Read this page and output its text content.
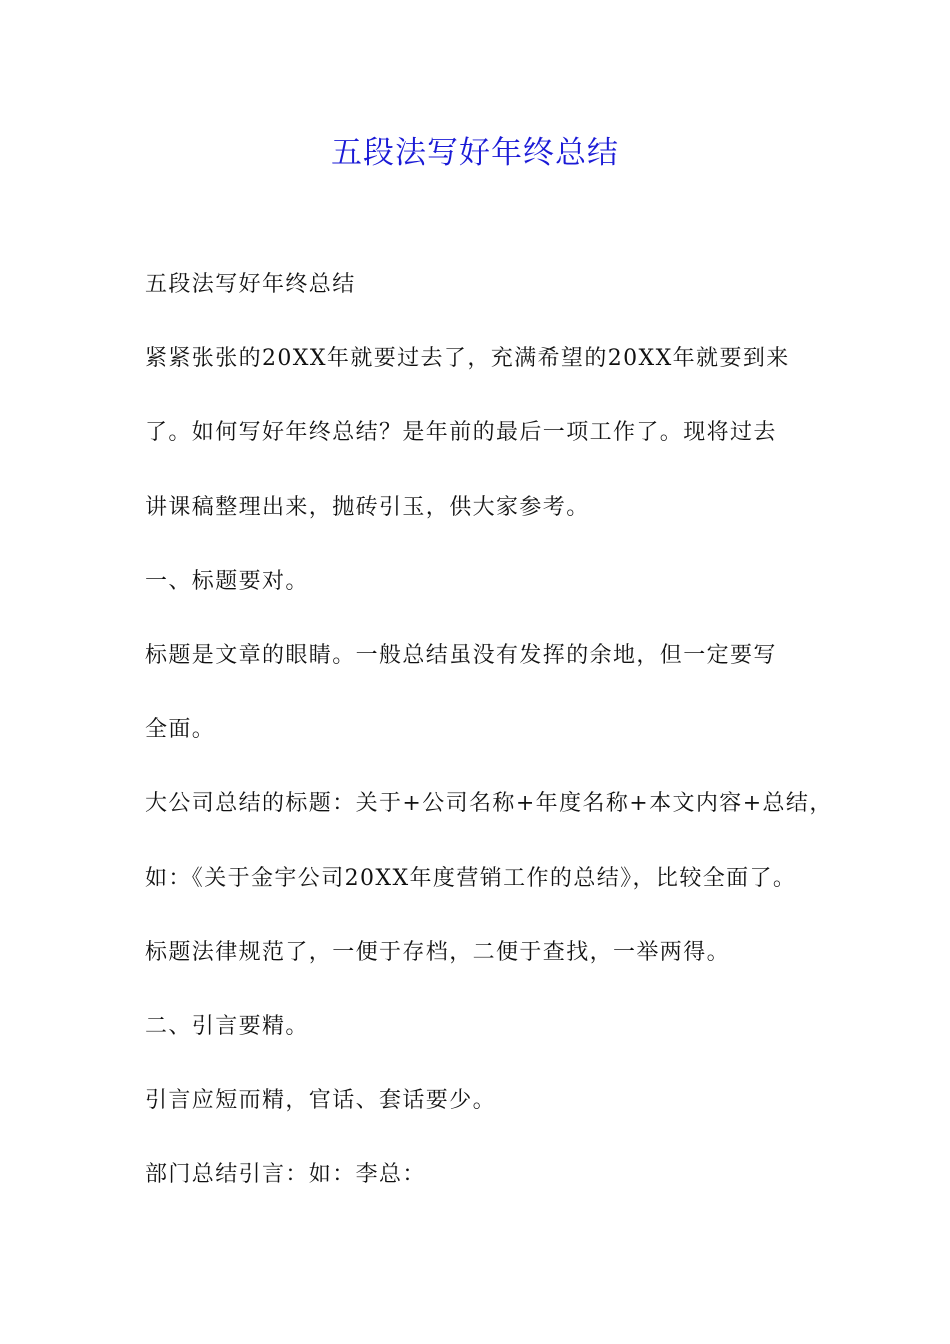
五段法写好年终总结
五段法写好年终总结
紧紧张张的20XX年就要过去了，充满希望的20XX年就要到来
了。如何写好年终总结？是年前的最后一项工作了。现将过去
讲课稿整理出来，抛砖引玉，供大家参考。
一、标题要对。
标题是文章的眼睛。一般总结虽没有发挥的余地，但一定要写
全面。
大公司总结的标题：关于+公司名称+年度名称+本文内容+总结，
如：《关于金宇公司20XX年度营销工作的总结》，比较全面了。
标题法律规范了，一便于存档，二便于查找，一举两得。
二、引言要精。
引言应短而精，官话、套话要少。
部门总结引言：如：李总：
